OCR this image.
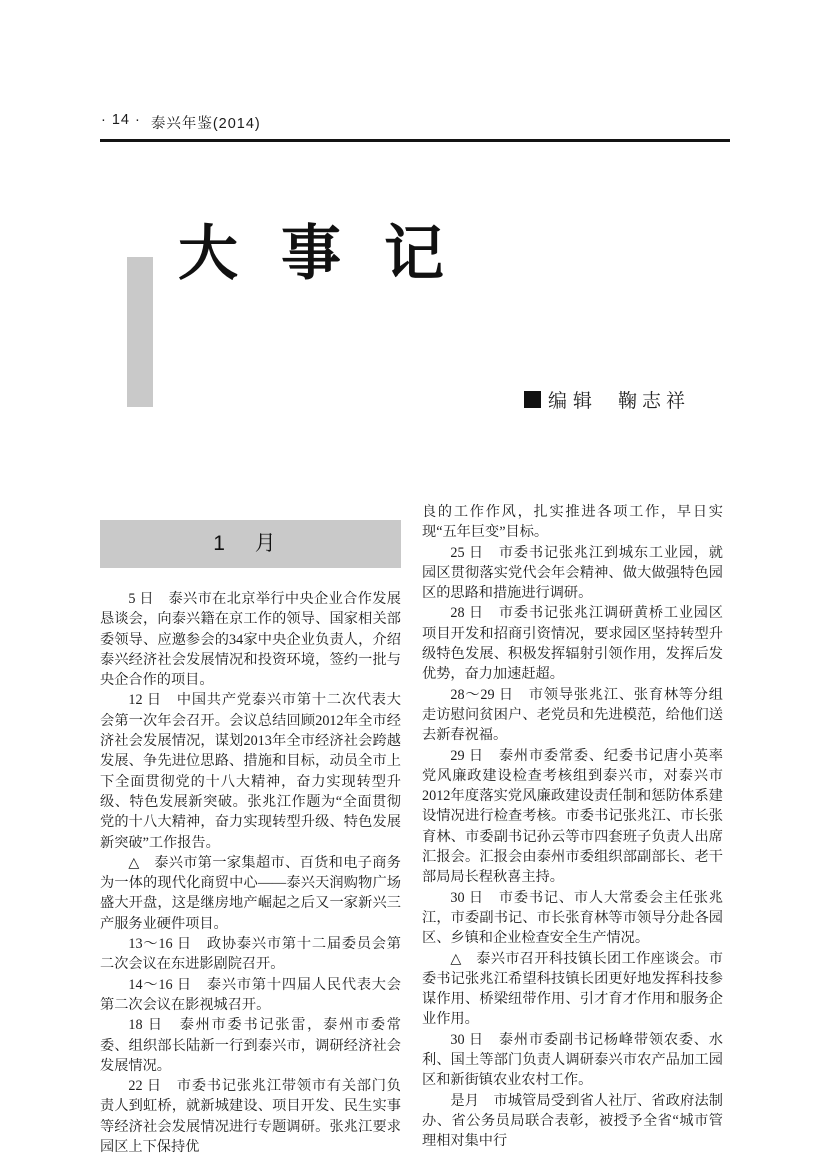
· 14 · 泰兴年鉴(2014)
大 事 记
编辑 鞠志祥
1 月

5 日　泰兴市在北京举行中央企业合作发展恳谈会，向泰兴籍在京工作的领导、国家相关部委领导、应邀参会的34家中央企业负责人，介绍泰兴经济社会发展情况和投资环境，签约一批与央企合作的项目。

12 日　中国共产党泰兴市第十二次代表大会第一次年会召开。会议总结回顾2012年全市经济社会发展情况，谋划2013年全市经济社会跨越发展、争先进位思路、措施和目标，动员全市上下全面贯彻党的十八大精神，奋力实现转型升级、特色发展新突破。张兆江作题为“全面贯彻党的十八大精神，奋力实现转型升级、特色发展新突破”工作报告。

△　泰兴市第一家集超市、百货和电子商务为一体的现代化商贸中心——泰兴天润购物广场盛大开盘，这是继房地产崛起之后又一家新兴三产服务业硬件项目。

13～16 日　政协泰兴市第十二届委员会第二次会议在东进影剧院召开。

14～16 日　泰兴市第十四届人民代表大会第二次会议在影视城召开。

18 日　泰州市委书记张雷，泰州市委常委、组织部长陆新一行到泰兴市，调研经济社会发展情况。

22 日　市委书记张兆江带领市有关部门负责人到虹桥，就新城建设、项目开发、民生实事等经济社会发展情况进行专题调研。张兆江要求园区上下保持优

良的工作作风，扎实推进各项工作，早日实现“五年巨变”目标。

25 日　市委书记张兆江到城东工业园，就园区贯彻落实党代会年会精神、做大做强特色园区的思路和措施进行调研。

28 日　市委书记张兆江调研黄桥工业园区项目开发和招商引资情况，要求园区坚持转型升级特色发展、积极发挥辐射引领作用，发挥后发优势，奋力加速赶超。

28～29 日　市领导张兆江、张育林等分组走访慰问贫困户、老党员和先进模范，给他们送去新春祝福。

29 日　泰州市委常委、纪委书记唐小英率党风廉政建设检查考核组到泰兴市，对泰兴市2012年度落实党风廉政建设责任制和惩防体系建设情况进行检查考核。市委书记张兆江、市长张育林、市委副书记孙云等市四套班子负责人出席汇报会。汇报会由泰州市委组织部副部长、老干部局局长程秋喜主持。

30 日　市委书记、市人大常委会主任张兆江，市委副书记、市长张育林等市领导分赴各园区、乡镇和企业检查安全生产情况。

△　泰兴市召开科技镇长团工作座谈会。市委书记张兆江希望科技镇长团更好地发挥科技参谋作用、桥梁纽带作用、引才育才作用和服务企业作用。

30 日　泰州市委副书记杨峰带领农委、水利、国土等部门负责人调研泰兴市农产品加工园区和新街镇农业农村工作。

是月　市城管局受到省人社厅、省政府法制办、省公务员局联合表彰，被授予全省“城市管理相对集中行
